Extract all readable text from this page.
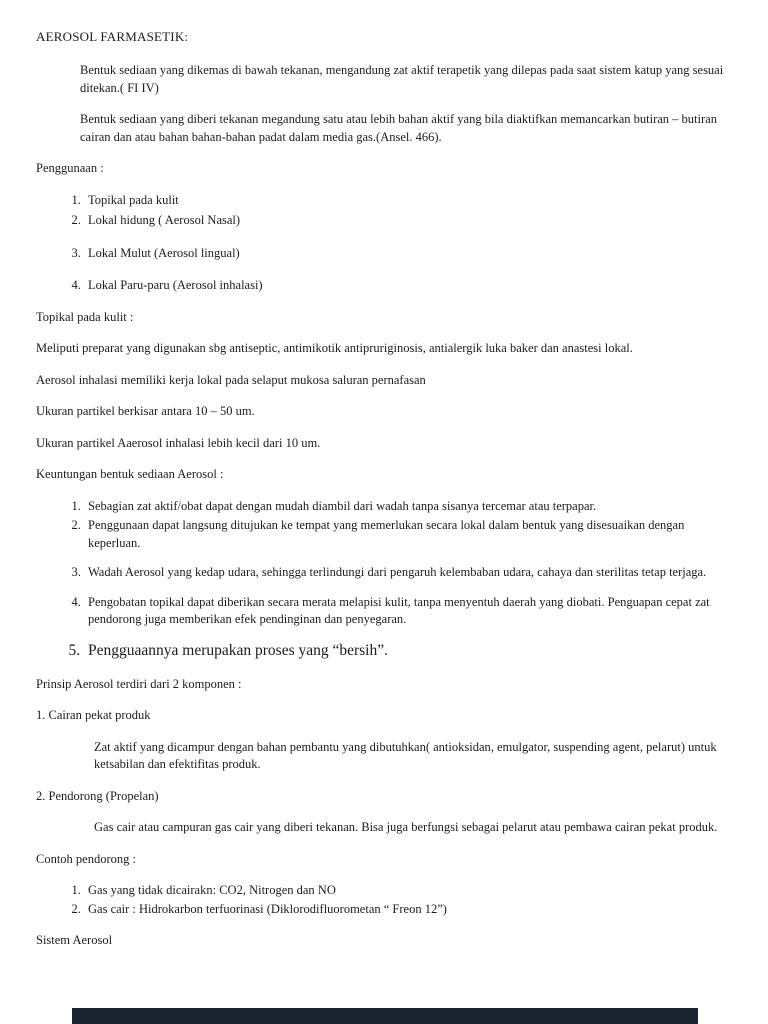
AEROSOL FARMASETIK:

Bentuk sediaan yang dikemas di bawah tekanan, mengandung zat aktif terapetik yang dilepas pada saat sistem katup yang sesuai ditekan.( FI IV)

Bentuk sediaan yang diberi tekanan megandung satu atau lebih bahan aktif yang bila diaktifkan memancarkan butiran – butiran cairan dan atau bahan bahan-bahan padat dalam media gas.(Ansel. 466).

Penggunaan :

1. Topikal pada kulit
2. Lokal hidung ( Aerosol Nasal)
3. Lokal Mulut (Aerosol lingual)
4. Lokal Paru-paru (Aerosol inhalasi)

Topikal pada kulit :

Meliputi preparat yang digunakan sbg antiseptic, antimikotik antipruriginosis, antialergik luka baker dan anastesi lokal.

Aerosol inhalasi memiliki kerja lokal pada selaput mukosa saluran pernafasan

Ukuran partikel berkisar antara 10 – 50 um.

Ukuran partikel Aaerosol inhalasi lebih kecil dari 10 um.

Keuntungan bentuk sediaan Aerosol :

1. Sebagian zat aktif/obat dapat dengan mudah diambil dari wadah tanpa sisanya tercemar atau terpapar.
2. Penggunaan dapat langsung ditujukan ke tempat yang memerlukan secara lokal dalam bentuk yang disesuaikan dengan keperluan.
3. Wadah Aerosol yang kedap udara, sehingga terlindungi dari pengaruh kelembaban udara, cahaya dan sterilitas tetap terjaga.
4. Pengobatan topikal dapat diberikan secara merata melapisi kulit, tanpa menyentuh daerah yang diobati. Penguapan cepat zat pendorong juga memberikan efek pendinginan dan penyegaran.
5. Pengguaannya merupakan proses yang “bersih”.

Prinsip Aerosol terdiri dari 2 komponen :

1. Cairan pekat produk

Zat aktif yang dicampur dengan bahan pembantu yang dibutuhkan( antioksidan, emulgator, suspending agent, pelarut) untuk ketsabilan dan efektifitas produk.

2. Pendorong (Propelan)

Gas cair atau campuran gas cair yang diberi tekanan. Bisa juga berfungsi sebagai pelarut atau pembawa cairan pekat produk.

Contoh pendorong :

1. Gas yang tidak dicairakn: CO2, Nitrogen dan NO
2. Gas cair : Hidrokarbon terfuorinasi (Diklorodifluorometan “ Freon 12”)

Sistem Aerosol
